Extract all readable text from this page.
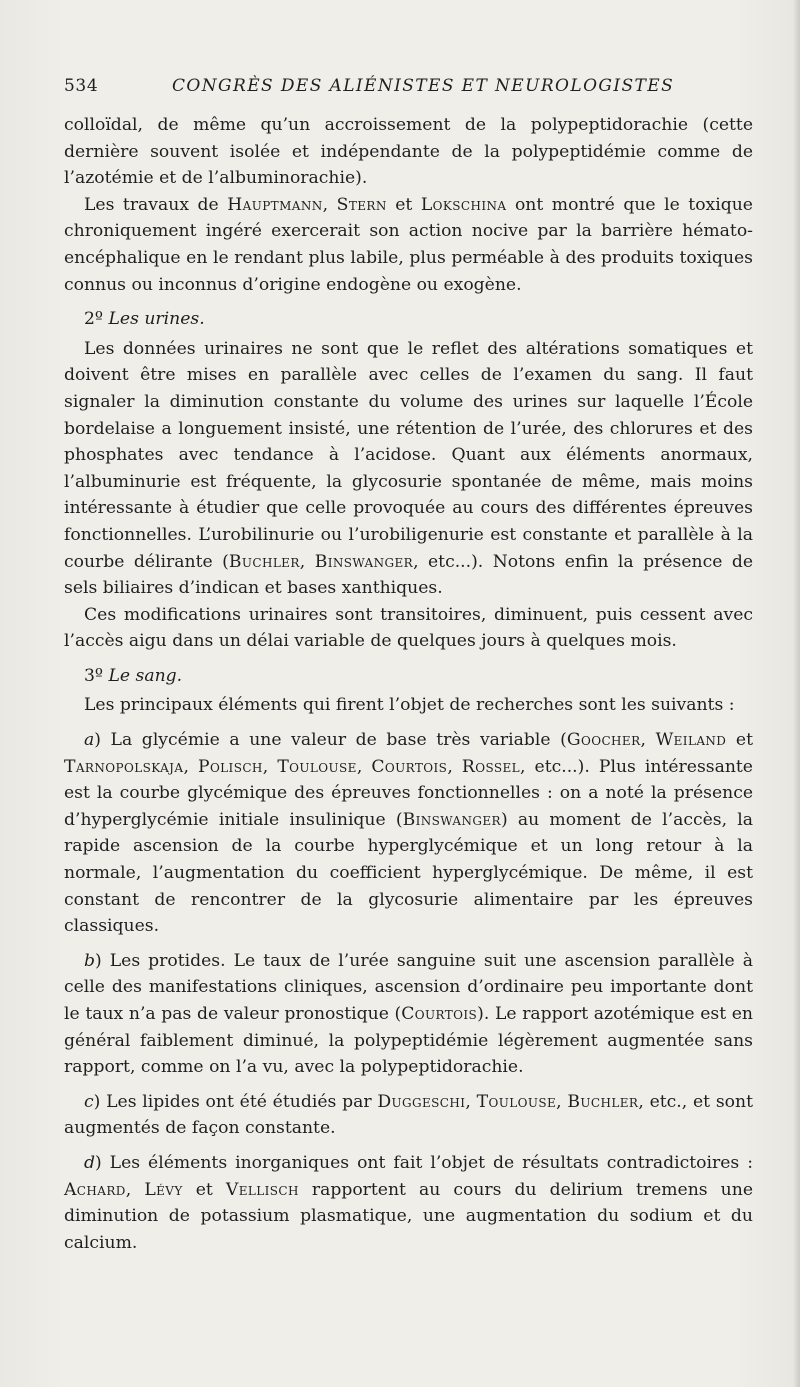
534	CONGRÈS DES ALIÉNISTES ET NEUROLOGISTES

colloïdal, de même qu’un accroissement de la polypeptidorachie (cette dernière souvent isolée et indépendante de la polypeptidémie comme de l’azotémie et de l’albuminorachie).

Les travaux de Hauptmann, Stern et Lokschina ont montré que le toxique chroniquement ingéré exercerait son action nocive par la barrière hémato-encéphalique en le rendant plus labile, plus perméable à des produits toxiques connus ou inconnus d’origine endogène ou exogène.

2º Les urines.

Les données urinaires ne sont que le reflet des altérations somatiques et doivent être mises en parallèle avec celles de l’examen du sang. Il faut signaler la diminution constante du volume des urines sur laquelle l’École bordelaise a longuement insisté, une rétention de l’urée, des chlorures et des phosphates avec tendance à l’acidose. Quant aux éléments anormaux, l’albuminurie est fréquente, la glycosurie spontanée de même, mais moins intéressante à étudier que celle provoquée au cours des différentes épreuves fonctionnelles. L’urobilinurie ou l’urobiligenurie est constante et parallèle à la courbe délirante (Buchler, Binswanger, etc...). Notons enfin la présence de sels biliaires d’indican et bases xanthiques.

Ces modifications urinaires sont transitoires, diminuent, puis cessent avec l’accès aigu dans un délai variable de quelques jours à quelques mois.

3º Le sang.

Les principaux éléments qui firent l’objet de recherches sont les suivants :

a) La glycémie a une valeur de base très variable (Goocher, Weiland et Tarnopolskaja, Polisch, Toulouse, Courtois, Rossel, etc...). Plus intéressante est la courbe glycémique des épreuves fonctionnelles : on a noté la présence d’hyperglycémie initiale insulinique (Binswanger) au moment de l’accès, la rapide ascension de la courbe hyperglycémique et un long retour à la normale, l’augmentation du coefficient hyperglycémique. De même, il est constant de rencontrer de la glycosurie alimentaire par les épreuves classiques.

b) Les protides. Le taux de l’urée sanguine suit une ascension parallèle à celle des manifestations cliniques, ascension d’ordinaire peu importante dont le taux n’a pas de valeur pronostique (Courtois). Le rapport azotémique est en général faiblement diminué, la polypeptidémie légèrement augmentée sans rapport, comme on l’a vu, avec la polypeptidorachie.

c) Les lipides ont été étudiés par Duggeschi, Toulouse, Buchler, etc., et sont augmentés de façon constante.

d) Les éléments inorganiques ont fait l’objet de résultats contradictoires : Achard, Lévy et Vellisch rapportent au cours du delirium tremens une diminution de potassium plasmatique, une augmentation du sodium et du calcium.
